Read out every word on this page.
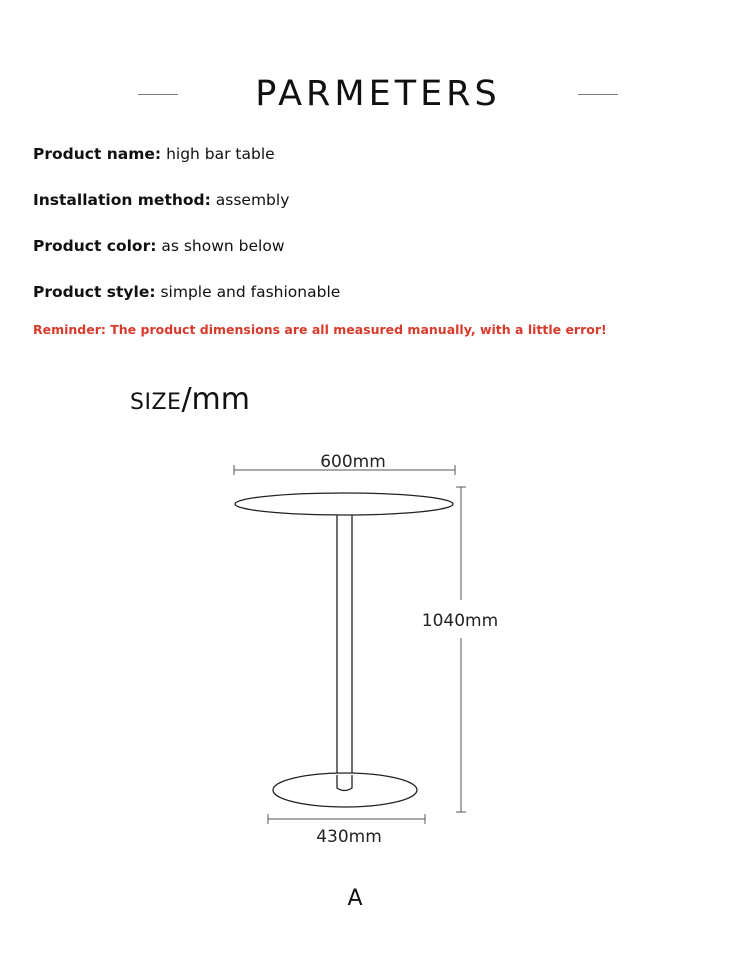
PARMETERS
Product name: high bar table
Installation method: assembly
Product color: as shown below
Product style: simple and fashionable
Reminder: The product dimensions are all measured manually, with a little error!
SIZE/mm
600mm
1040mm
430mm
A
